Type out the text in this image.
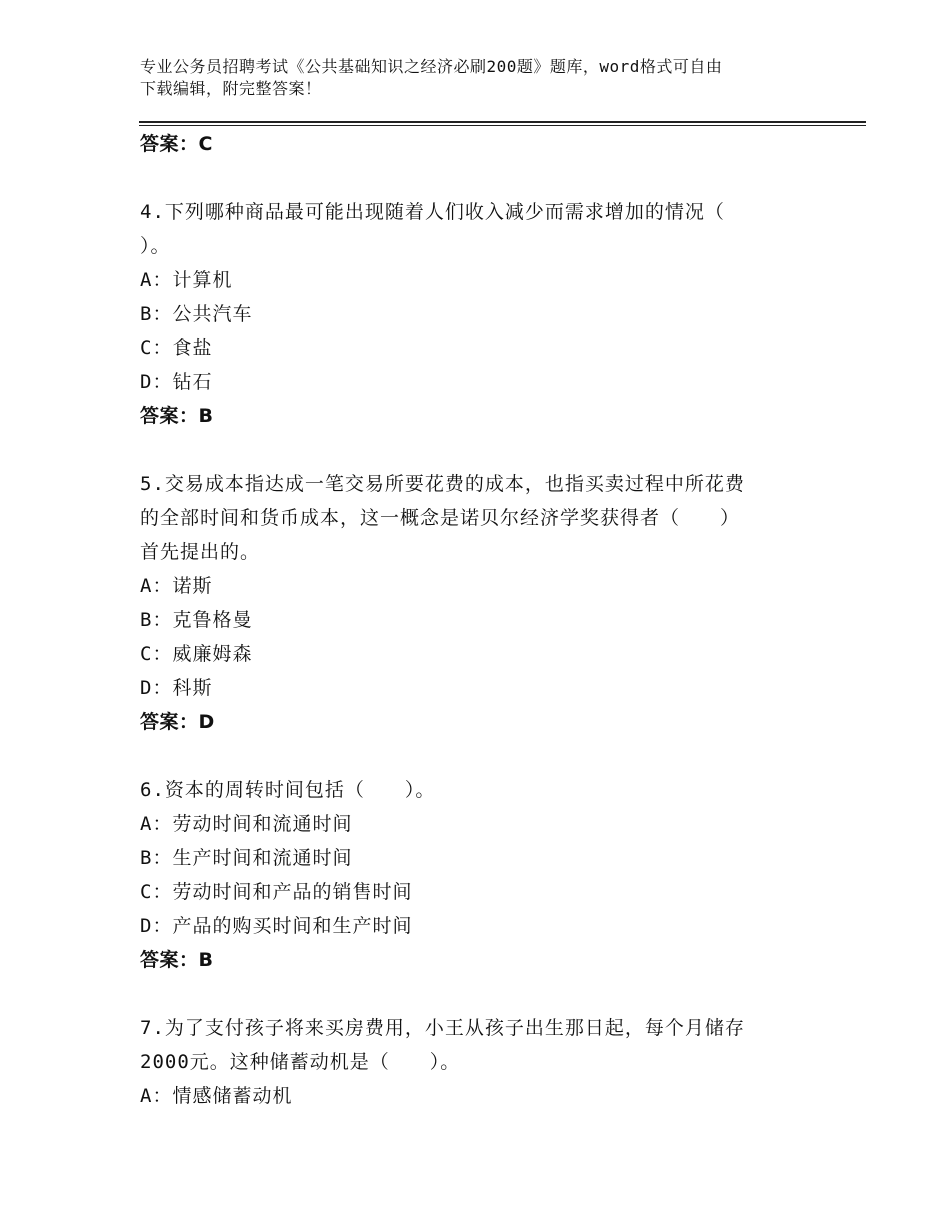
专业公务员招聘考试《公共基础知识之经济必刷200题》题库，word格式可自由
下载编辑，附完整答案！
答案：C
4.下列哪种商品最可能出现随着人们收入减少而需求增加的情况（
）。
A：计算机
B：公共汽车
C：食盐
D：钻石
答案：B
5.交易成本指达成一笔交易所要花费的成本，也指买卖过程中所花费
的全部时间和货币成本，这一概念是诺贝尔经济学奖获得者（　　）
首先提出的。
A：诺斯
B：克鲁格曼
C：威廉姆森
D：科斯
答案：D
6.资本的周转时间包括（　　）。
A：劳动时间和流通时间
B：生产时间和流通时间
C：劳动时间和产品的销售时间
D：产品的购买时间和生产时间
答案：B
7.为了支付孩子将来买房费用，小王从孩子出生那日起，每个月储存
2000元。这种储蓄动机是（　　）。
A：情感储蓄动机
